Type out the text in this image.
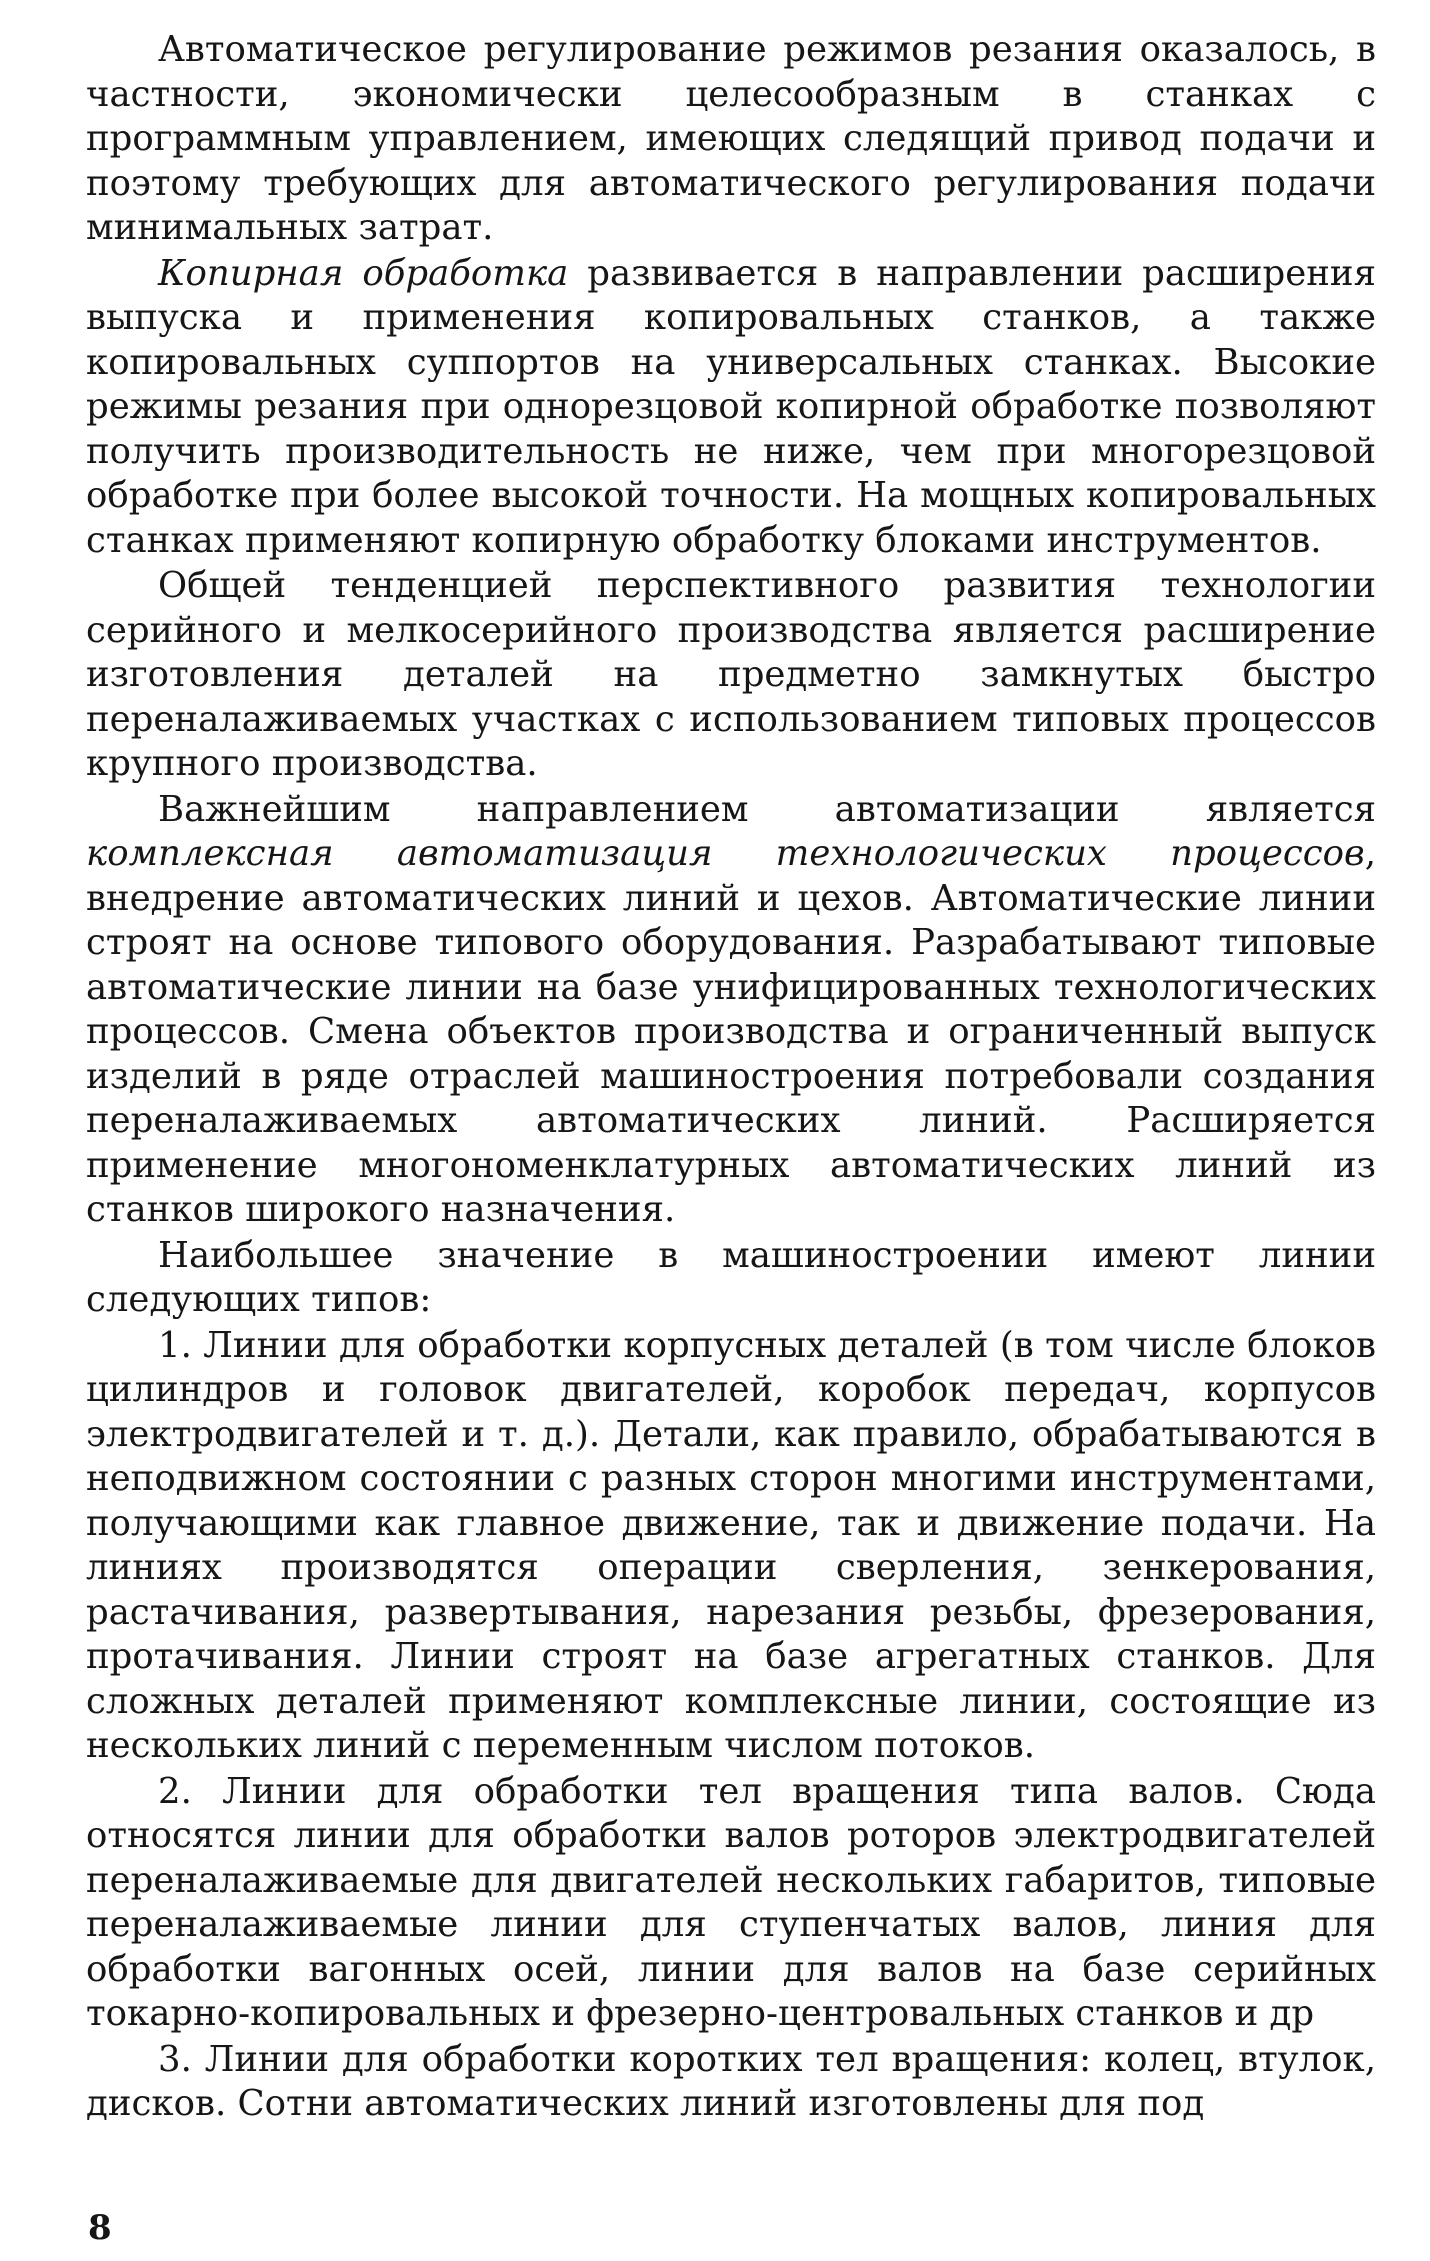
Автоматическое регулирование режимов резания оказалось, в частности, экономически целесообразным в станках с программным управлением, имеющих следящий привод подачи и поэтому требующих для автоматического регулирования подачи минимальных затрат.

Копирная обработка развивается в направлении расширения выпуска и применения копировальных станков, а также копировальных суппортов на универсальных станках. Высокие режимы резания при однорезцовой копирной обработке позволяют получить производительность не ниже, чем при многорезцовой обработке при более высокой точности. На мощных копировальных станках применяют копирную обработку блоками инструментов.

Общей тенденцией перспективного развития технологии серийного и мелкосерийного производства является расширение изготовления деталей на предметно замкнутых быстро переналаживаемых участках с использованием типовых процессов крупного производства.

Важнейшим направлением автоматизации является комплексная автоматизация технологических процессов, внедрение автоматических линий и цехов. Автоматические линии строят на основе типового оборудования. Разрабатывают типовые автоматические линии на базе унифицированных технологических процессов. Смена объектов производства и ограниченный выпуск изделий в ряде отраслей машиностроения потребовали создания переналаживаемых автоматических линий. Расширяется применение многономенклатурных автоматических линий из станков широкого назначения.

Наибольшее значение в машиностроении имеют линии следующих типов:

1. Линии для обработки корпусных деталей (в том числе блоков цилиндров и головок двигателей, коробок передач, корпусов электродвигателей и т. д.). Детали, как правило, обрабатываются в неподвижном состоянии с разных сторон многими инструментами, получающими как главное движение, так и движение подачи. На линиях производятся операции сверления, зенкерования, растачивания, развертывания, нарезания резьбы, фрезерования, протачивания. Линии строят на базе агрегатных станков. Для сложных деталей применяют комплексные линии, состоящие из нескольких линий с переменным числом потоков.

2. Линии для обработки тел вращения типа валов. Сюда относятся линии для обработки валов роторов электродвигателей переналаживаемые для двигателей нескольких габаритов, типовые переналаживаемые линии для ступенчатых валов, линия для обработки вагонных осей, линии для валов на базе серийных токарно-копировальных и фрезерно-центровальных станков и др

3. Линии для обработки коротких тел вращения: колец, втулок, дисков. Сотни автоматических линий изготовлены для под

8
